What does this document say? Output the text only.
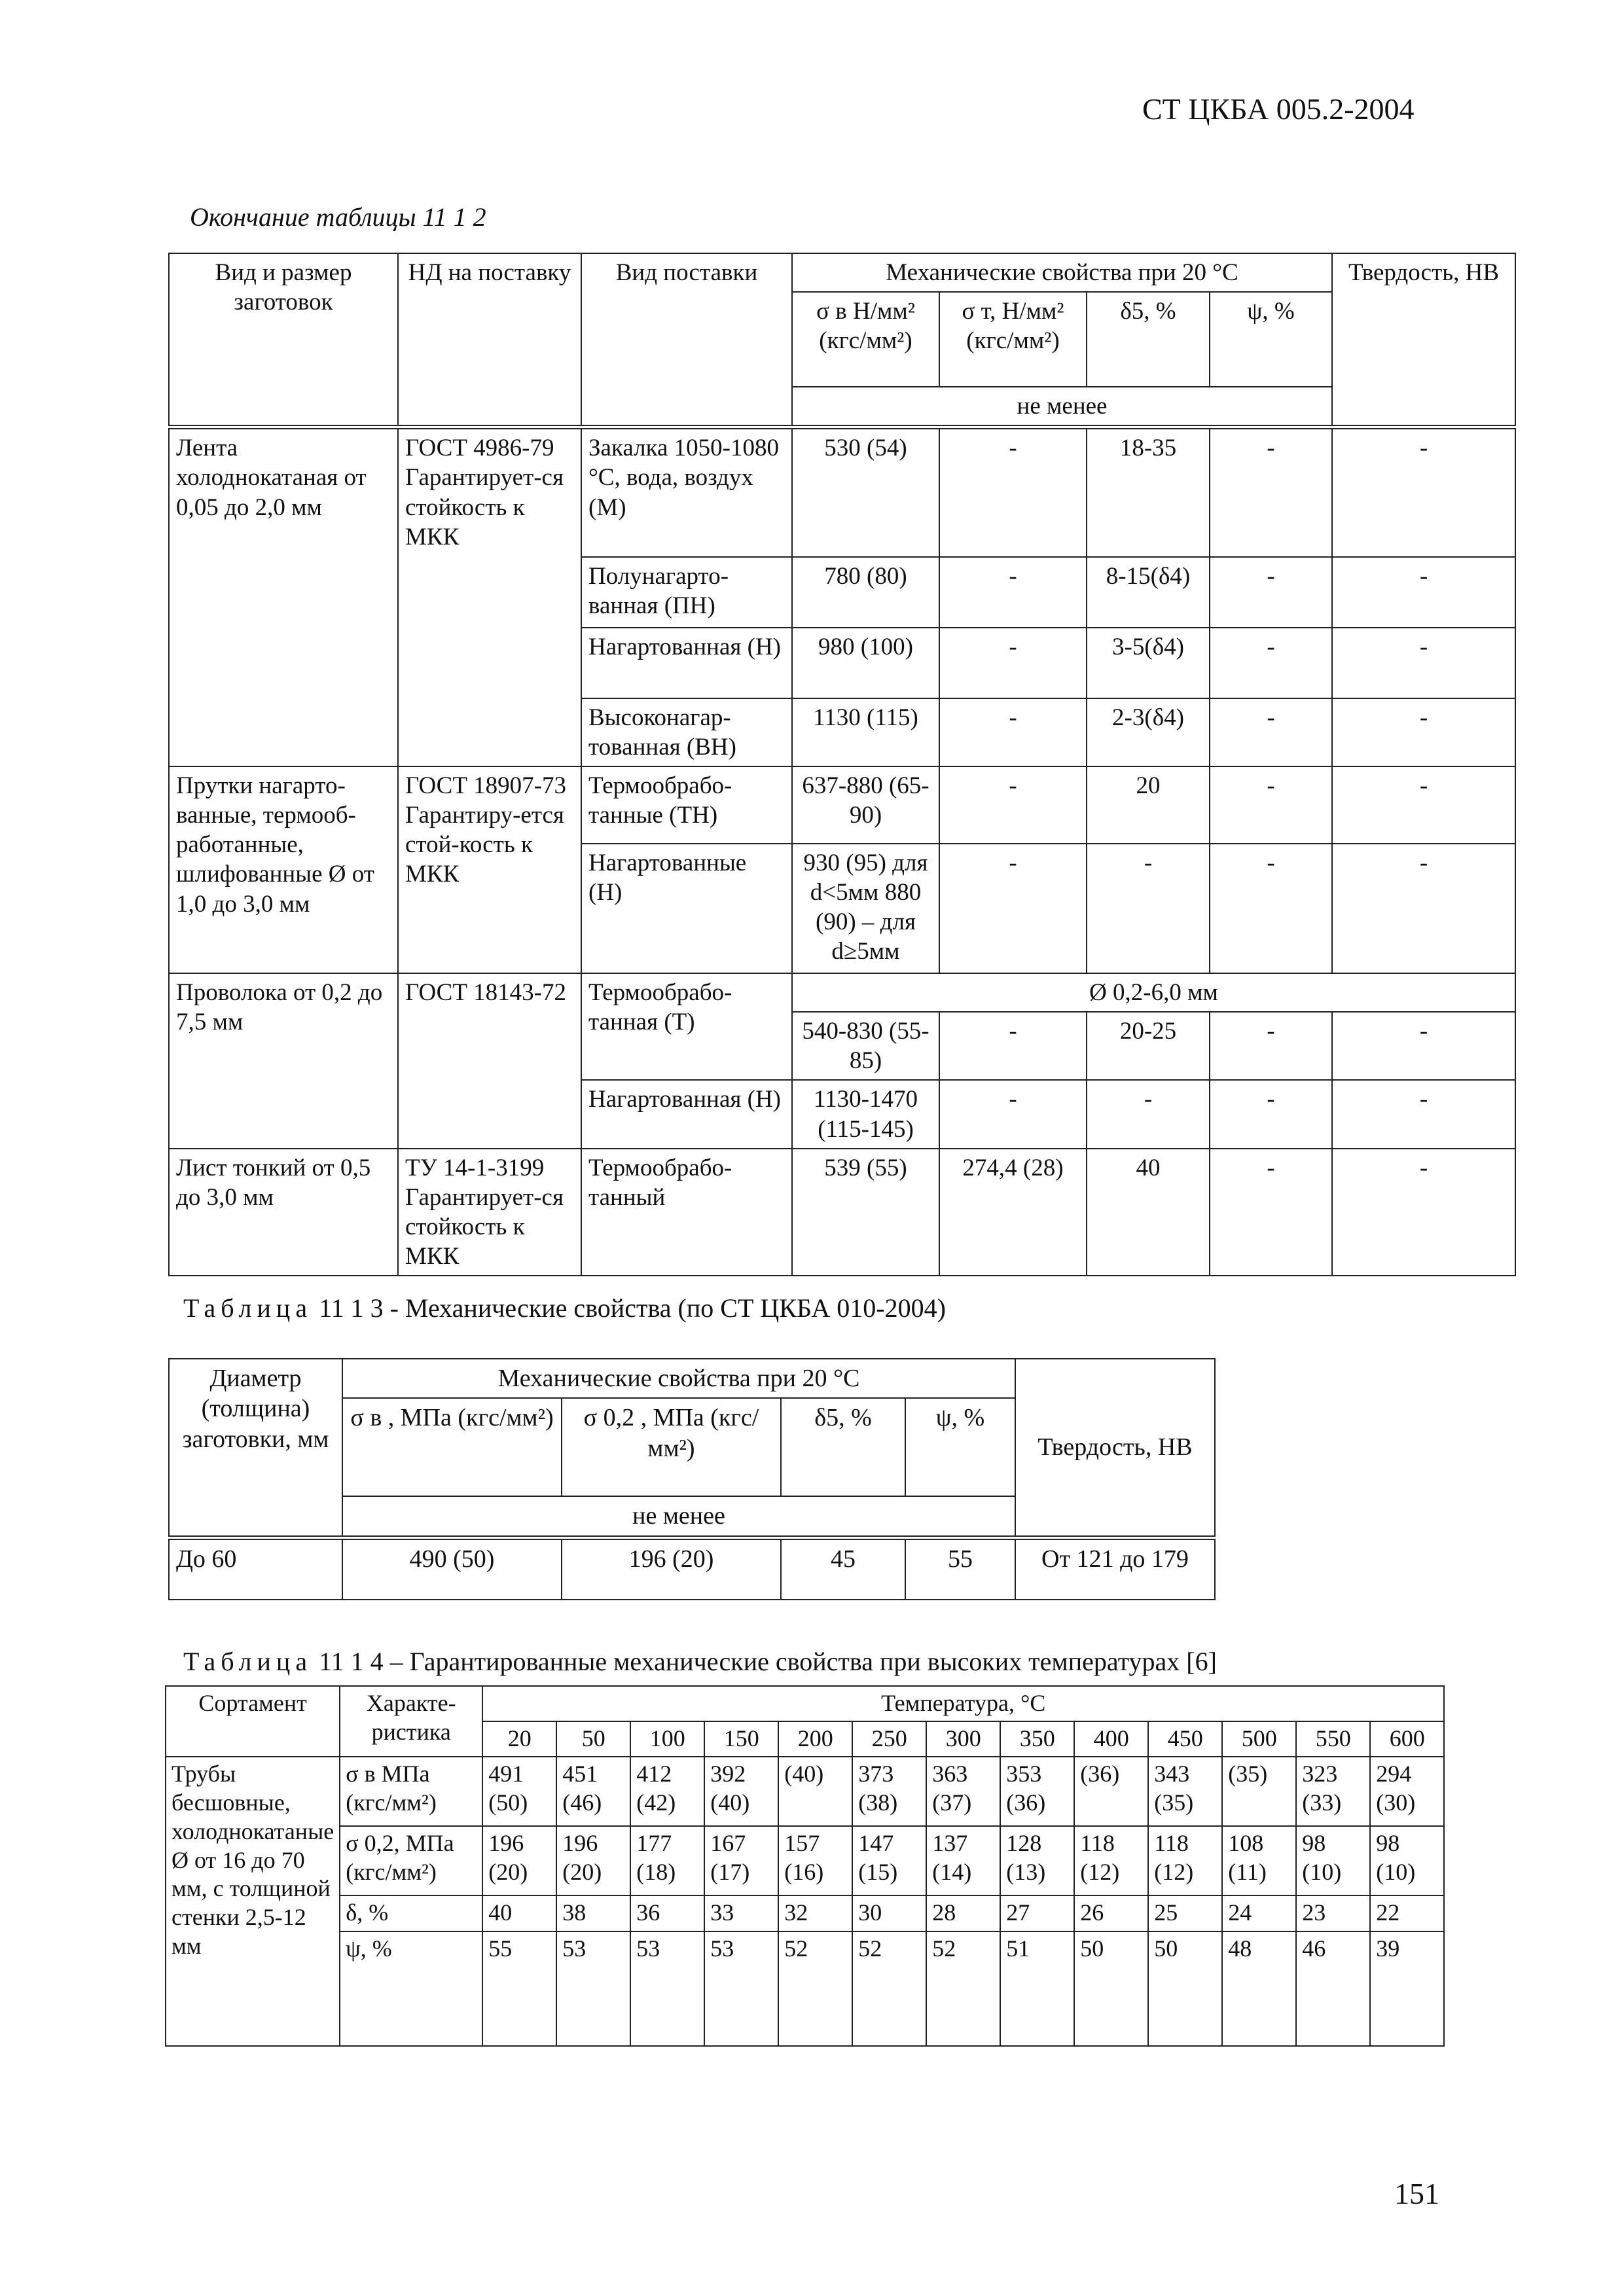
СТ ЦКБА 005.2-2004
Окончание таблицы 11 1 2
Вид и размер заготовок	НД на поставку	Вид поставки	Механические свойства при 20 °С				Твердость, НВ
			σ в Н/мм² (кгс/мм²)	σ т, Н/мм² (кгс/мм²)	δ5, %	ψ, %	
			не менее				
Лента холоднокатаная от 0,05 до 2,0 мм	ГОСТ 4986-79 Гарантирует-ся стойкость к МКК	Закалка 1050-1080 °С, вода, воздух (М)	530 (54)	-	18-35	-	-
		Полунагарто-ванная (ПН)	780 (80)	-	8-15(δ4)	-	-
		Нагартованная (Н)	980 (100)	-	3-5(δ4)	-	-
		Высоконагар-тованная (ВН)	1130 (115)	-	2-3(δ4)	-	-
Прутки нагарто-ванные, термооб-работанные, шлифованные Ø от 1,0 до 3,0 мм	ГОСТ 18907-73 Гарантиру-ется стой-кость к МКК	Термообрабо-танные (ТН)	637-880 (65-90)	-	20	-	-
		Нагартованные (Н)	930 (95) для d<5мм 880 (90) – для d≥5мм	-	-	-	-
Проволока от 0,2 до 7,5 мм	ГОСТ 18143-72	Термообрабо-танная (Т)	Ø 0,2-6,0 мм				
			540-830 (55-85)	-	20-25	-	-
		Нагартованная (Н)	1130-1470 (115-145)	-	-	-	-
Лист тонкий от 0,5 до 3,0 мм	ТУ 14-1-3199 Гарантирует-ся стойкость к МКК	Термообрабо-танный	539 (55)	274,4 (28)	40	-	-
Таблица 11 1 3 - Механические свойства (по СТ ЦКБА 010-2004)
Диаметр (толщина) заготовки, мм	Механические свойства при 20 °С				Твердость, НВ
	σ в , МПа (кгс/мм²)	σ 0,2 , МПа (кгс/мм²)	δ5, %	ψ, %	
	не менее				
До 60	490 (50)	196 (20)	45	55	От 121 до 179
Таблица 11 1 4 – Гарантированные механические свойства при высоких температурах [6]
Сортамент	Характе-ристика	Температура, °С												
		20	50	100	150	200	250	300	350	400	450	500	550	600
Трубы бесшовные, холоднокатаные Ø от 16 до 70 мм, с толщиной стенки 2,5-12 мм	σ в МПа (кгс/мм²)	491 (50)	451 (46)	412 (42)	392 (40)	(40)	373 (38)	363 (37)	353 (36)	(36)	343 (35)	(35)	323 (33)	294 (30)
	σ 0,2, МПа (кгс/мм²)	196 (20)	196 (20)	177 (18)	167 (17)	157 (16)	147 (15)	137 (14)	128 (13)	118 (12)	118 (12)	108 (11)	98 (10)	98 (10)
	δ, %	40	38	36	33	32	30	28	27	26	25	24	23	22
	ψ, %	55	53	53	53	52	52	52	51	50	50	48	46	39
151
